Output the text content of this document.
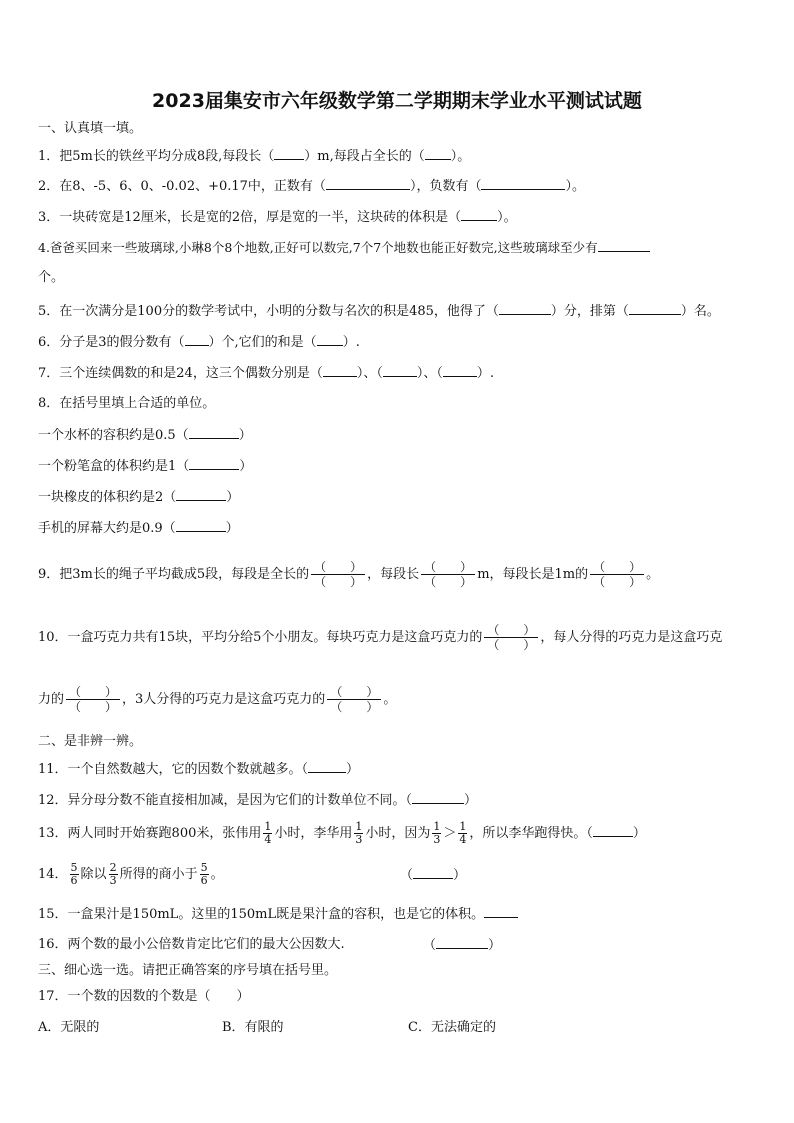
2023届集安市六年级数学第二学期期末学业水平测试试题
一、认真填一填。
1．把5m长的铁丝平均分成8段,每段长（ ）m,每段占全长的（ ）。
2．在8、-5、6、0、-0.02、+0.17中，正数有（	），负数有（	）。
3．一块砖宽是12厘米，长是宽的2倍，厚是宽的一半，这块砖的体积是（	）。
4.爸爸买回来一些玻璃球,小琳8个8个地数,正好可以数完,7个7个地数也能正好数完,这些玻璃球至少有
个。
5．在一次满分是100分的数学考试中，小明的分数与名次的积是485，他得了（	）分，排第（	）名。
6．分子是3的假分数有（ ）个,它们的和是（ ）.
7．三个连续偶数的和是24，这三个偶数分别是（	）、（	）、（	）.
8．在括号里填上合适的单位。
一个水杯的容积约是0.5（	）
一个粉笔盒的体积约是1（	）
一块橡皮的体积约是2（	）
手机的屏幕大约是0.9（	）
9．把3m长的绳子平均截成5段，每段是全长的 $\frac{( )}{( )}$ ，每段长 $\frac{( )}{( )}$ m，每段长是1m的 $\frac{( )}{( )}$ 。
10．一盒巧克力共有15块，平均分给5个小朋友。每块巧克力是这盒巧克力的 $\frac{( )}{( )}$ ，每人分得的巧克力是这盒巧克
力的 $\frac{( )}{( )}$ ，3人分得的巧克力是这盒巧克力的 $\frac{( )}{( )}$ 。
二、是非辨一辨。
11．一个自然数越大，它的因数个数就越多。（	）
12．异分母分数不能直接相加减，是因为它们的计数单位不同。（	）
13．两人同时开始赛跑800米，张伟用 $\frac{1}{4}$ 小时，李华用 $\frac{1}{3}$ 小时，因为 $\frac{1}{3} > \frac{1}{4}$ ，所以李华跑得快。（	）
14． $\frac{5}{6}$ 除以 $\frac{2}{3}$ 所得的商小于 $\frac{5}{6}$ 。	（	）
15．一盒果汁是150mL。这里的150mL既是果汁盒的容积，也是它的体积。
16．两个数的最小公倍数肯定比它们的最大公因数大.	（	）
三、细心选一选。请把正确答案的序号填在括号里。
17．一个数的因数的个数是（　　）
A．无限的	B．有限的	C．无法确定的
